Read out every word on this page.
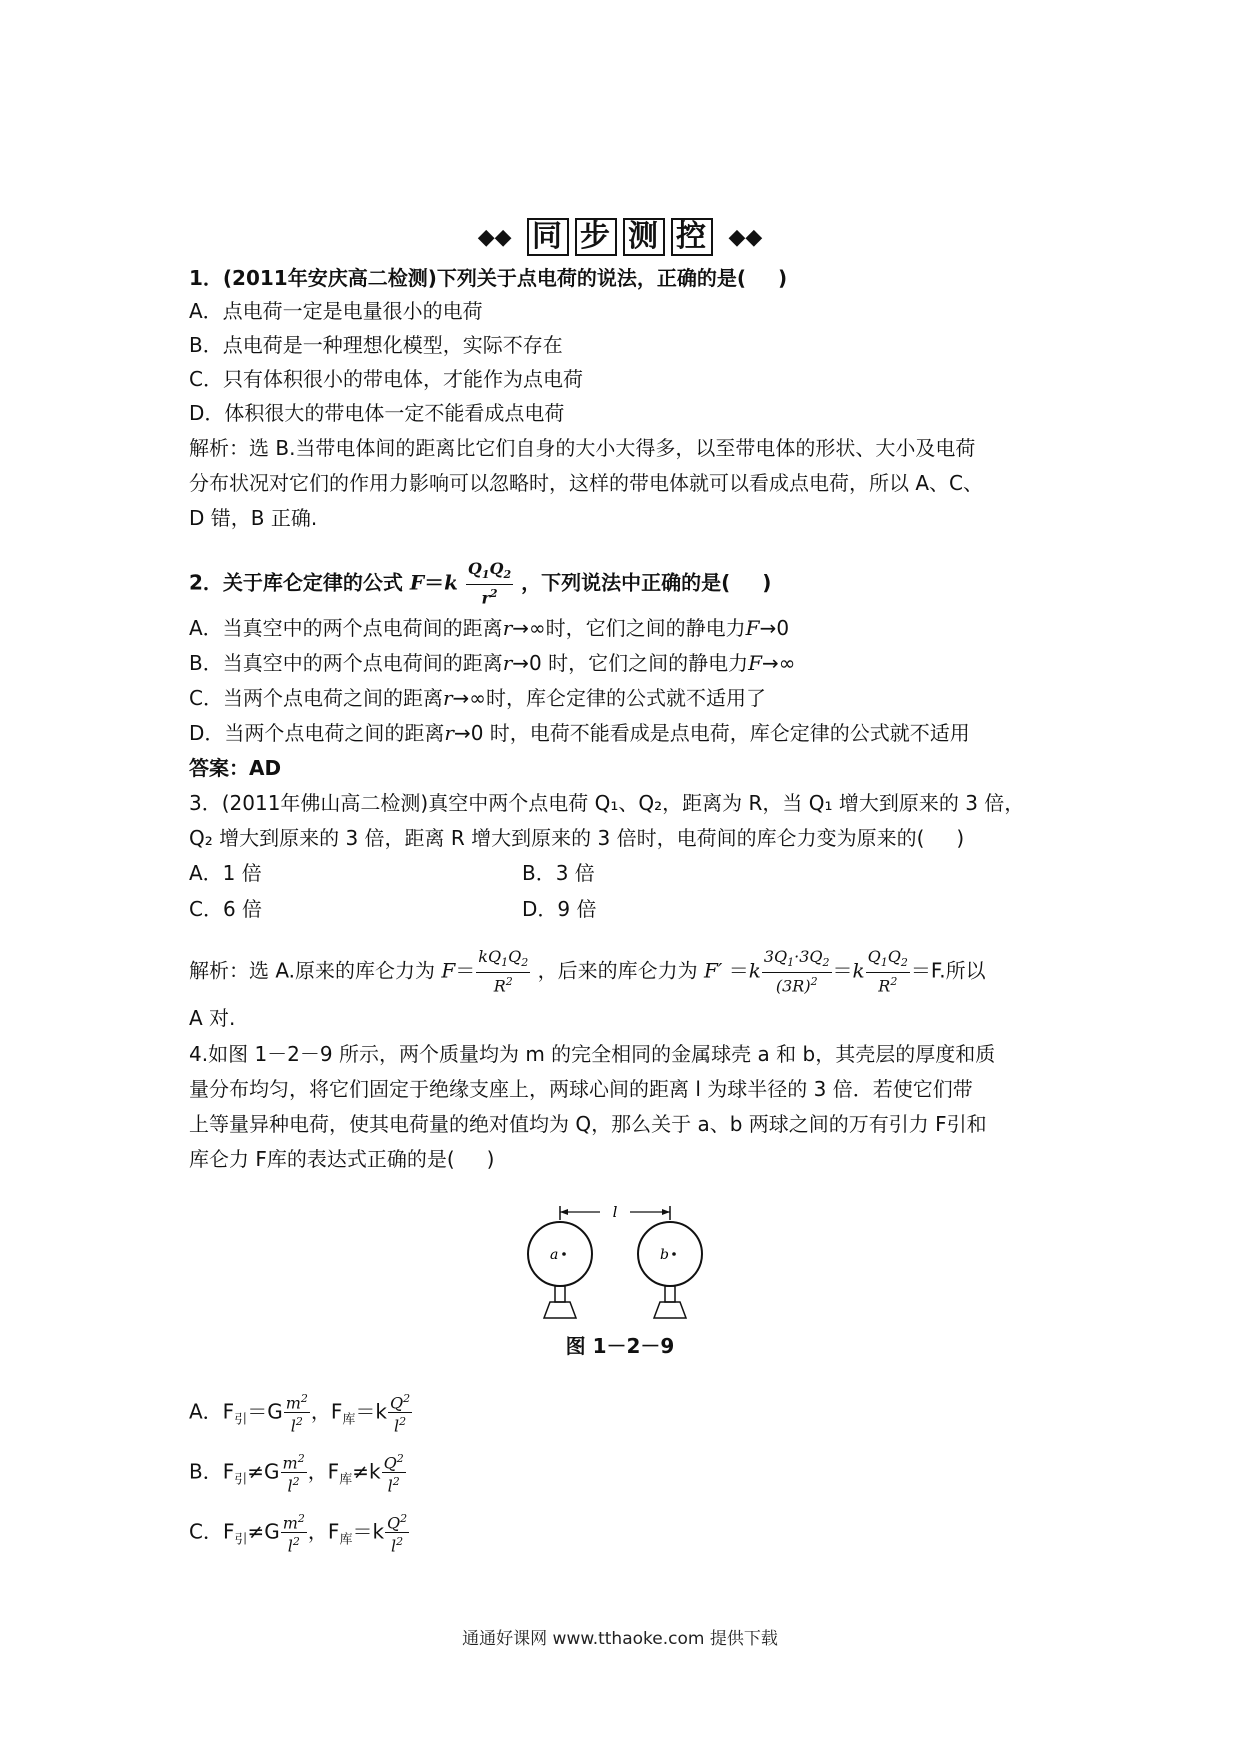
◆◆ 同 步 测 控 ◆◆
1．(2011年安庆高二检测)下列关于点电荷的说法，正确的是( )
A．点电荷一定是电量很小的电荷
B．点电荷是一种理想化模型，实际不存在
C．只有体积很小的带电体，才能作为点电荷
D．体积很大的带电体一定不能看成点电荷
解析：选 B.当带电体间的距离比它们自身的大小大得多，以至带电体的形状、大小及电荷
分布状况对它们的作用力影响可以忽略时，这样的带电体就可以看成点电荷，所以 A、C、
D 错，B 正确.
2．关于库仑定律的公式 $F=k \frac{Q_1Q_2}{r^2}$ ，下列说法中正确的是( )
A．当真空中的两个点电荷间的距离r→∞时，它们之间的静电力F→0
B．当真空中的两个点电荷间的距离r→0 时，它们之间的静电力F→∞
C．当两个点电荷之间的距离r→∞时，库仑定律的公式就不适用了
D．当两个点电荷之间的距离r→0 时，电荷不能看成是点电荷，库仑定律的公式就不适用
答案：AD
3．(2011年佛山高二检测)真空中两个点电荷 Q₁、Q₂，距离为 R，当 Q₁ 增大到原来的 3 倍，
Q₂ 增大到原来的 3 倍，距离 R 增大到原来的 3 倍时，电荷间的库仑力变为原来的( )
A．1 倍	B．3 倍
C．6 倍	D．9 倍
解析：选 A.原来的库仑力为 $F= \frac{kQ_1Q_2}{R^2}$ ，后来的库仑力为 $F' =k \frac{3Q_1\cdot 3Q_2}{(3R)^2} =k \frac{Q_1Q_2}{R^2} =F$.所以
A 对.
4.如图 1－2－9 所示，两个质量均为 m 的完全相同的金属球壳 a 和 b，其壳层的厚度和质
量分布均匀，将它们固定于绝缘支座上，两球心间的距离 l 为球半径的 3 倍．若使它们带
上等量异种电荷，使其电荷量的绝对值均为 Q，那么关于 a、b 两球之间的万有引力 F引和
库仑力 F库的表达式正确的是( )
l
a	b
图 1－2－9
A．$F_引=G \frac{m^2}{l^2}$ ，$F_库=k \frac{Q^2}{l^2}$
B．$F_引\ne G \frac{m^2}{l^2}$ ，$F_库\ne k \frac{Q^2}{l^2}$
C．$F_引\ne G \frac{m^2}{l^2}$ ，$F_库=k \frac{Q^2}{l^2}$
通通好课网 www.tthaoke.com 提供下载
